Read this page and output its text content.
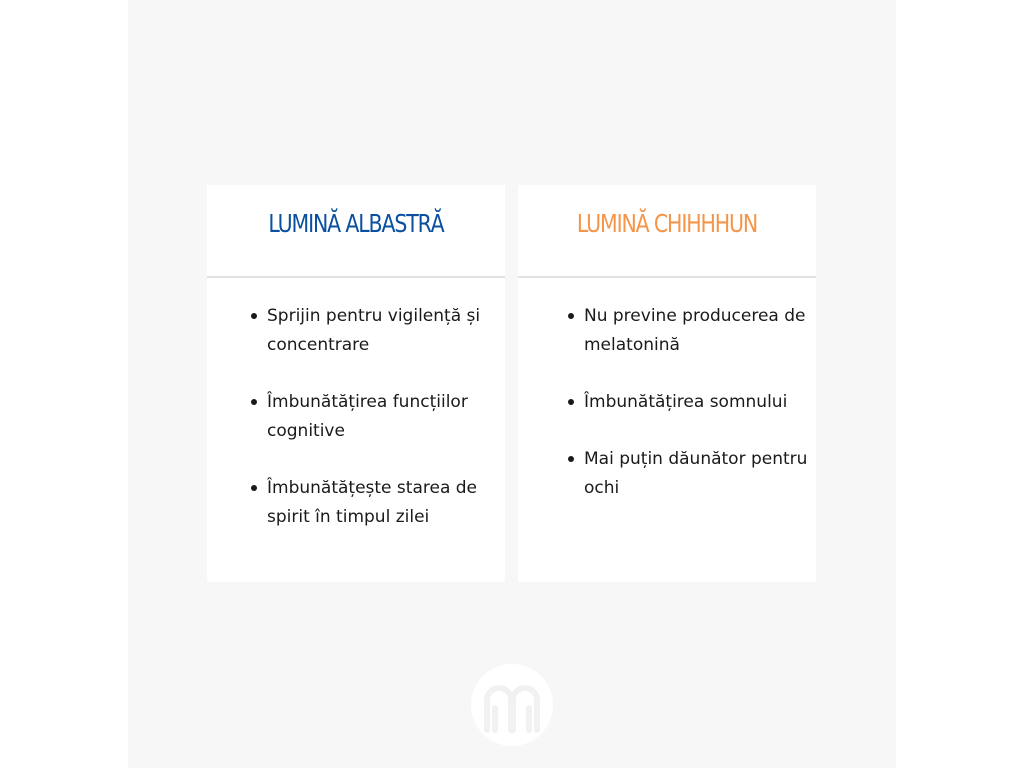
LUMINĂ ALBASTRĂ
Sprijin pentru vigilență și concentrare
Îmbunătățirea funcțiilor cognitive
Îmbunătățește starea de spirit în timpul zilei
LUMINĂ CHIHHHUN
Nu previne producerea de melatonină
Îmbunătățirea somnului
Mai puțin dăunător pentru ochi
